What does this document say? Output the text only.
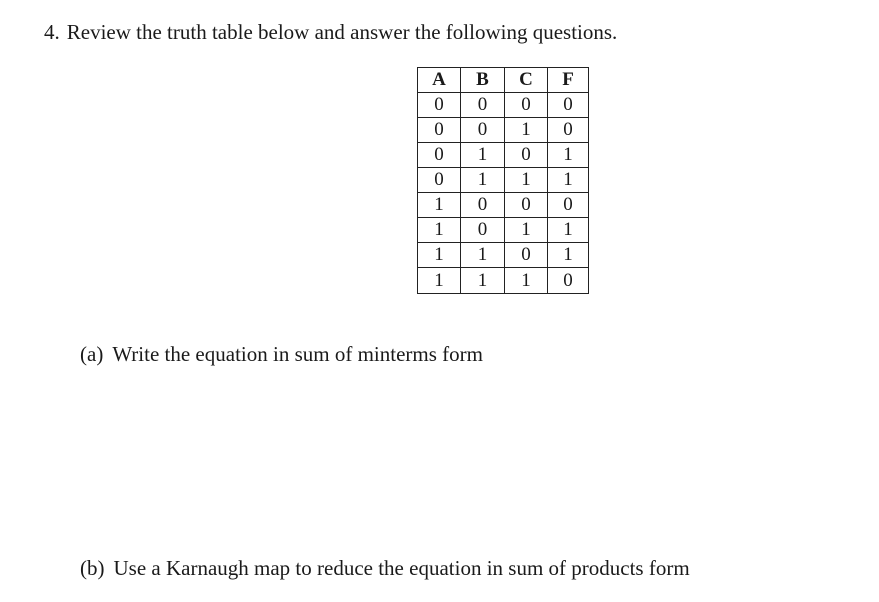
4. Review the truth table below and answer the following questions.
A	B	C	F
0	0	0	0
0	0	1	0
0	1	0	1
0	1	1	1
1	0	0	0
1	0	1	1
1	1	0	1
1	1	1	0
(a) Write the equation in sum of minterms form
(b) Use a Karnaugh map to reduce the equation in sum of products form
